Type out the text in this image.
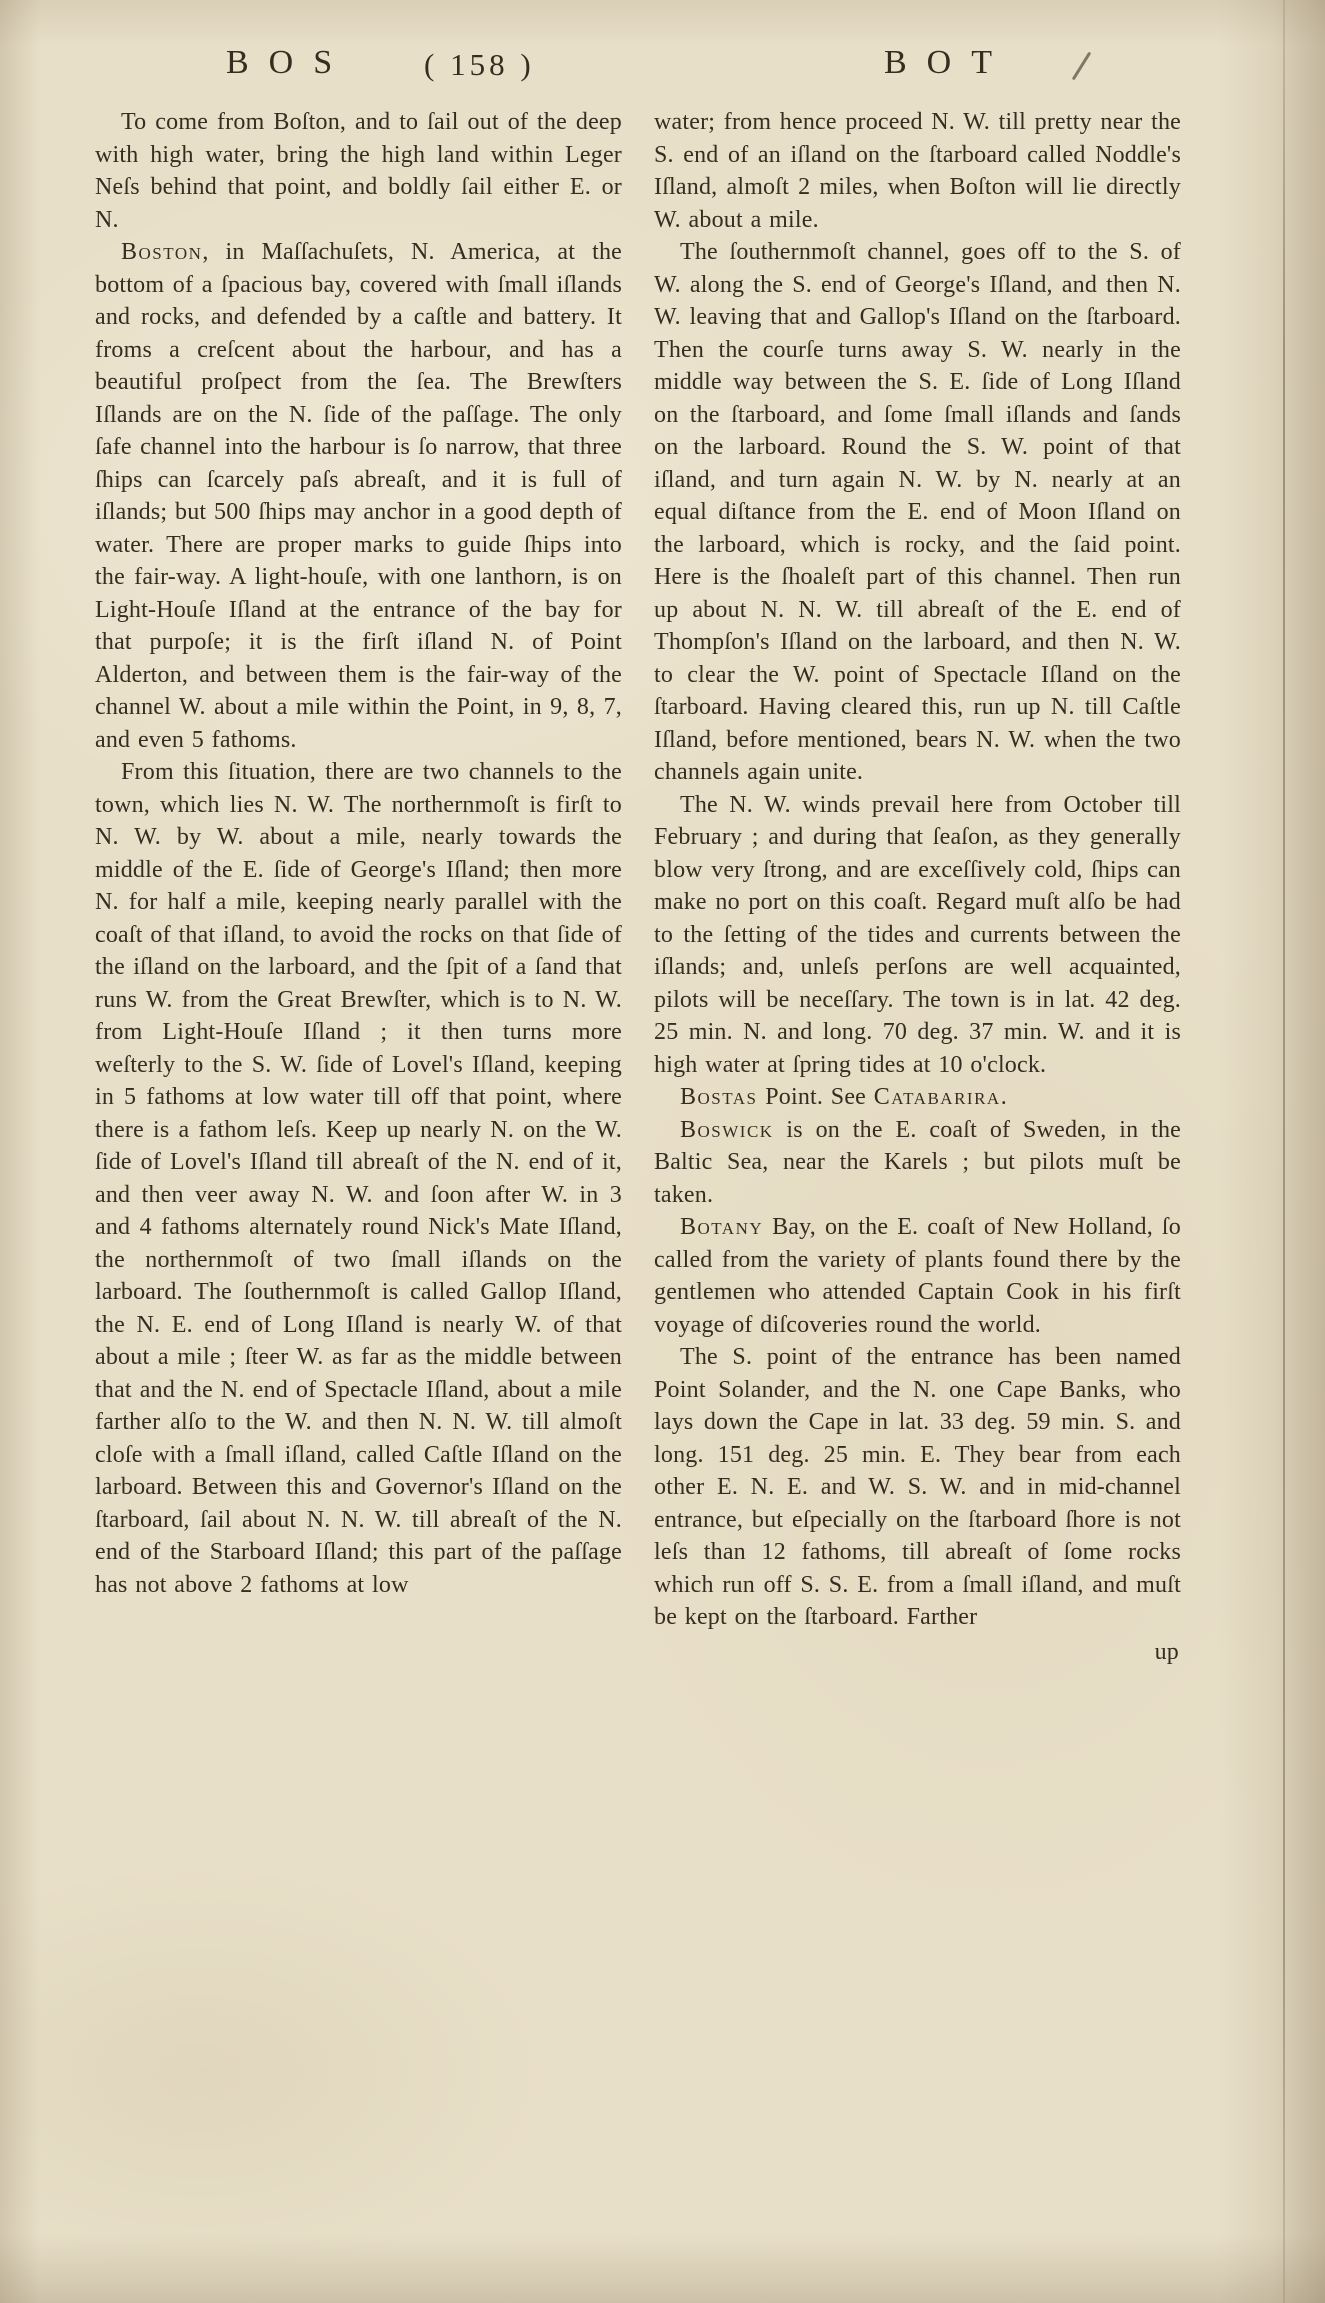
BOS ( 158 )	BOT

To come from Boſton, and to ſail out of the deep with high water, bring the high land within Leger Neſs behind that point, and boldly ſail either E. or N.

Boston, in Maſſachuſets, N. America, at the bottom of a ſpacious bay, covered with ſmall iſlands and rocks, and defended by a caſtle and battery. It froms a creſcent about the harbour, and has a beautiful proſpect from the ſea. The Brewſters Iſlands are on the N. ſide of the paſſage. The only ſafe channel into the harbour is ſo narrow, that three ſhips can ſcarcely paſs abreaſt, and it is full of iſlands; but 500 ſhips may anchor in a good depth of water. There are proper marks to guide ſhips into the fair-way. A light-houſe, with one lanthorn, is on Light-Houſe Iſland at the entrance of the bay for that purpoſe; it is the firſt iſland N. of Point Alderton, and between them is the fair-way of the channel W. about a mile within the Point, in 9, 8, 7, and even 5 fathoms.

From this ſituation, there are two channels to the town, which lies N. W. The northernmoſt is firſt to N. W. by W. about a mile, nearly towards the middle of the E. ſide of George's Iſland; then more N. for half a mile, keeping nearly parallel with the coaſt of that iſland, to avoid the rocks on that ſide of the iſland on the larboard, and the ſpit of a ſand that runs W. from the Great Brewſter, which is to N. W. from Light-Houſe Iſland ; it then turns more weſterly to the S. W. ſide of Lovel's Iſland, keeping in 5 fathoms at low water till off that point, where there is a fathom leſs. Keep up nearly N. on the W. ſide of Lovel's Iſland till abreaſt of the N. end of it, and then veer away N. W. and ſoon after W. in 3 and 4 fathoms alternately round Nick's Mate Iſland, the northernmoſt of two ſmall iſlands on the larboard. The ſouthernmoſt is called Gallop Iſland, the N. E. end of Long Iſland is nearly W. of that about a mile ; ſteer W. as far as the middle between that and the N. end of Spectacle Iſland, about a mile farther alſo to the W. and then N. N. W. till almoſt cloſe with a ſmall iſland, called Caſtle Iſland on the larboard. Between this and Governor's Iſland on the ſtarboard, ſail about N. N. W. till abreaſt of the N. end of the Starboard Iſland; this part of the paſſage has not above 2 fathoms at low

water; from hence proceed N. W. till pretty near the S. end of an iſland on the ſtarboard called Noddle's Iſland, almoſt 2 miles, when Boſton will lie directly W. about a mile.

The ſouthernmoſt channel, goes off to the S. of W. along the S. end of George's Iſland, and then N. W. leaving that and Gallop's Iſland on the ſtarboard. Then the courſe turns away S. W. nearly in the middle way between the S. E. ſide of Long Iſland on the ſtarboard, and ſome ſmall iſlands and ſands on the larboard. Round the S. W. point of that iſland, and turn again N. W. by N. nearly at an equal diſtance from the E. end of Moon Iſland on the larboard, which is rocky, and the ſaid point. Here is the ſhoaleſt part of this channel. Then run up about N. N. W. till abreaſt of the E. end of Thompſon's Iſland on the larboard, and then N. W. to clear the W. point of Spectacle Iſland on the ſtarboard. Having cleared this, run up N. till Caſtle Iſland, before mentioned, bears N. W. when the two channels again unite.

The N. W. winds prevail here from October till February ; and during that ſeaſon, as they generally blow very ſtrong, and are exceſſively cold, ſhips can make no port on this coaſt. Regard muſt alſo be had to the ſetting of the tides and currents between the iſlands; and, unleſs perſons are well acquainted, pilots will be neceſſary. The town is in lat. 42 deg. 25 min. N. and long. 70 deg. 37 min. W. and it is high water at ſpring tides at 10 o'clock.

Bostas Point. See Catabarira.

Boswick is on the E. coaſt of Sweden, in the Baltic Sea, near the Karels ; but pilots muſt be taken.

Botany Bay, on the E. coaſt of New Holland, ſo called from the variety of plants found there by the gentlemen who attended Captain Cook in his firſt voyage of diſcoveries round the world.

The S. point of the entrance has been named Point Solander, and the N. one Cape Banks, who lays down the Cape in lat. 33 deg. 59 min. S. and long. 151 deg. 25 min. E. They bear from each other E. N. E. and W. S. W. and in mid-channel entrance, but eſpecially on the ſtarboard ſhore is not leſs than 12 fathoms, till abreaſt of ſome rocks which run off S. S. E. from a ſmall iſland, and muſt be kept on the ſtarboard. Farther

up
